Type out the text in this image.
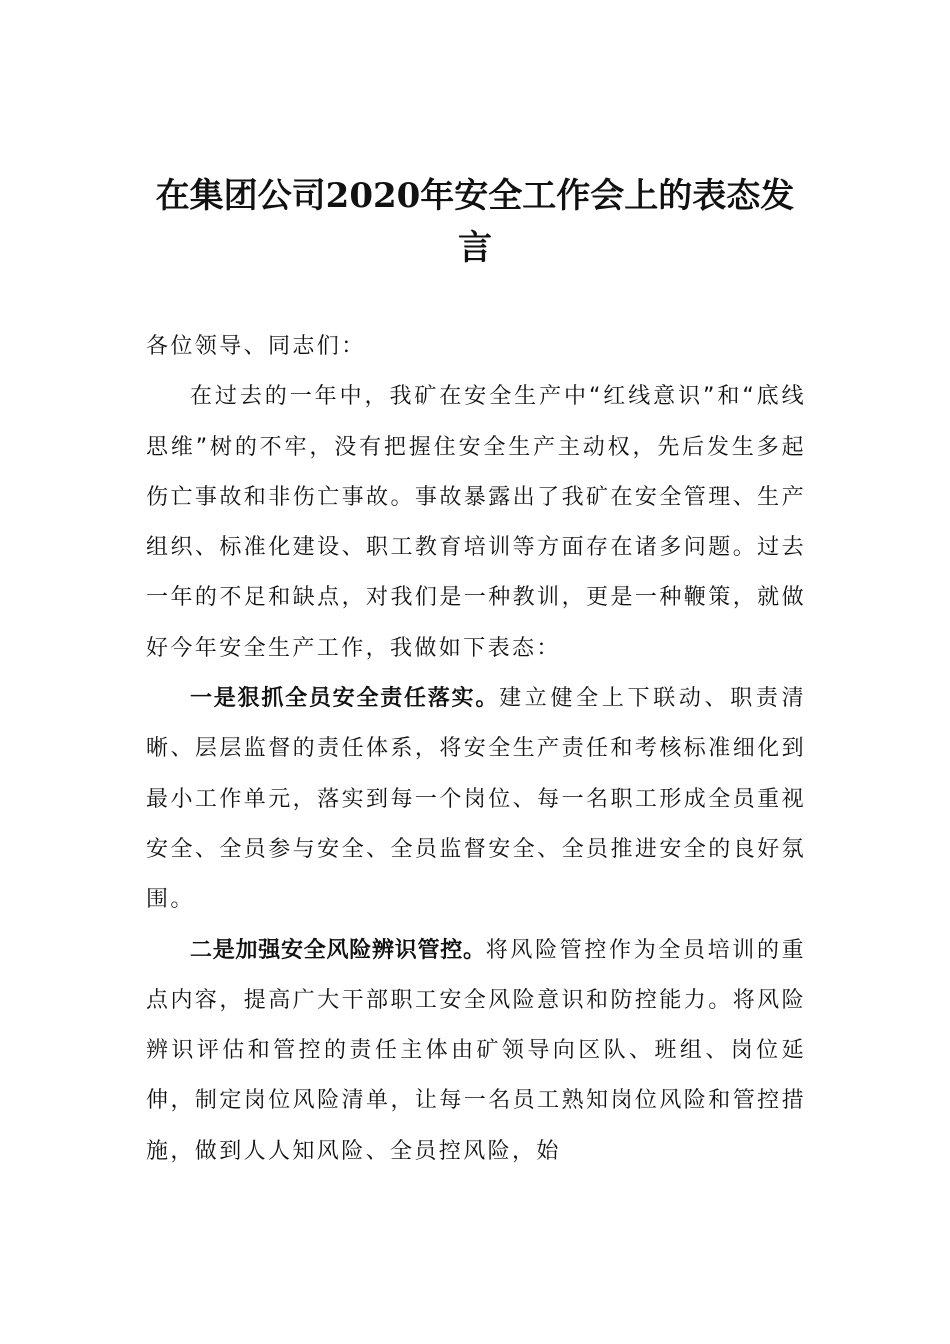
在集团公司2020年安全工作会上的表态发言

各位领导、同志们：

在过去的一年中，我矿在安全生产中“红线意识”和“底线思维”树的不牢，没有把握住安全生产主动权，先后发生多起伤亡事故和非伤亡事故。事故暴露出了我矿在安全管理、生产组织、标准化建设、职工教育培训等方面存在诸多问题。过去一年的不足和缺点，对我们是一种教训，更是一种鞭策，就做好今年安全生产工作，我做如下表态：

一是狠抓全员安全责任落实。建立健全上下联动、职责清晰、层层监督的责任体系，将安全生产责任和考核标准细化到最小工作单元，落实到每一个岗位、每一名职工形成全员重视安全、全员参与安全、全员监督安全、全员推进安全的良好氛围。

二是加强安全风险辨识管控。将风险管控作为全员培训的重点内容，提高广大干部职工安全风险意识和防控能力。将风险辨识评估和管控的责任主体由矿领导向区队、班组、岗位延伸，制定岗位风险清单，让每一名员工熟知岗位风险和管控措施，做到人人知风险、全员控风险，始
